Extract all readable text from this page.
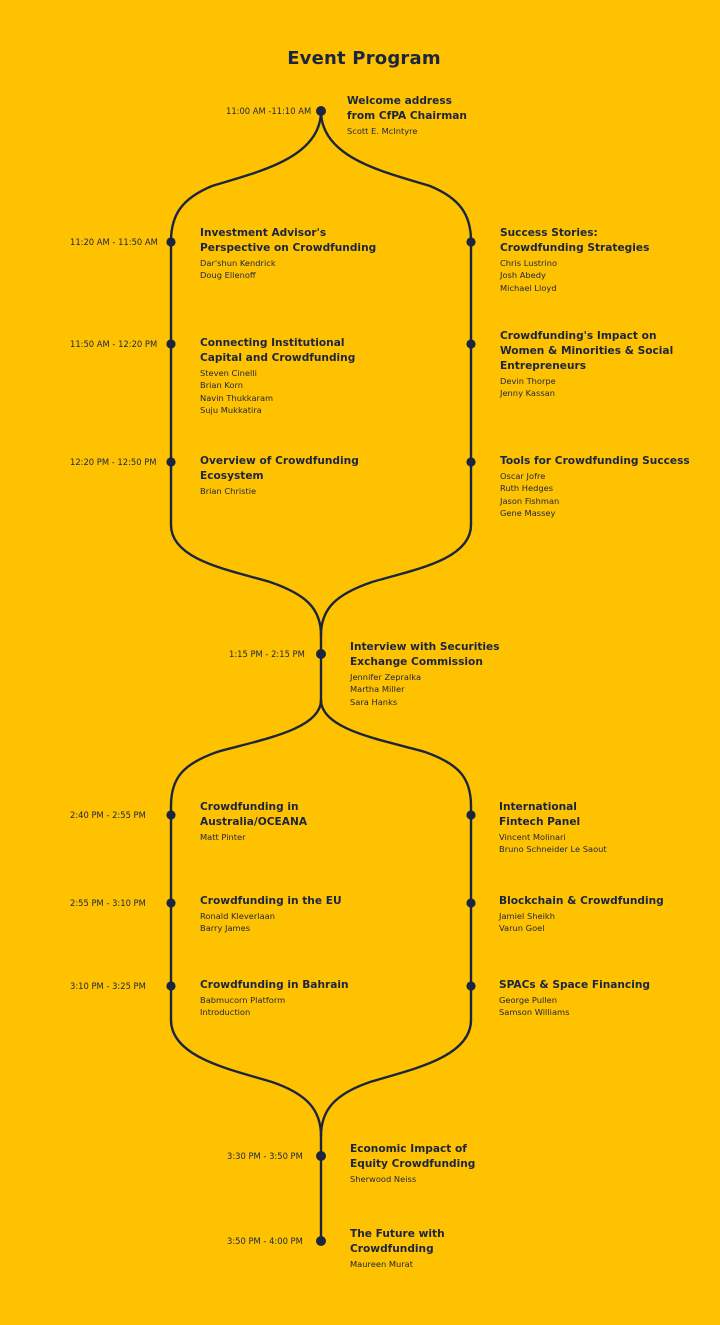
Event Program
11:00 AM -11:10 AM
Welcome address
from CfPA Chairman
Scott E. McIntyre
11:20 AM - 11:50 AM
11:50 AM - 12:20 PM
12:20 PM - 12:50 PM
Investment Advisor's
Perspective on Crowdfunding
Dar'shun Kendrick
Doug Ellenoff
Connecting Institutional
Capital and Crowdfunding
Steven Cinelli
Brian Korn
Navin Thukkaram
Suju Mukkatira
Overview of Crowdfunding
Ecosystem
Brian Christie
Success Stories:
Crowdfunding Strategies
Chris Lustrino
Josh Abedy
Michael Lloyd
Crowdfunding's Impact on
Women & Minorities & Social
Entrepreneurs
Devin Thorpe
Jenny Kassan
Tools for Crowdfunding Success
Oscar Jofre
Ruth Hedges
Jason Fishman
Gene Massey
1:15 PM - 2:15 PM
Interview with Securities
Exchange Commission
Jennifer Zepralka
Martha Miller
Sara Hanks
2:40 PM - 2:55 PM
2:55 PM - 3:10 PM
3:10 PM - 3:25 PM
Crowdfunding in
Australia/OCEANA
Matt Pinter
Crowdfunding in the EU
Ronald Kleverlaan
Barry James
Crowdfunding in Bahrain
Babmucorn Platform
Introduction
International
Fintech Panel
Vincent Molinari
Bruno Schneider Le Saout
Blockchain & Crowdfunding
Jamiel Sheikh
Varun Goel
SPACs & Space Financing
George Pullen
Samson Williams
3:30 PM - 3:50 PM
Economic Impact of
Equity Crowdfunding
Sherwood Neiss
3:50 PM - 4:00 PM
The Future with
Crowdfunding
Maureen Murat
